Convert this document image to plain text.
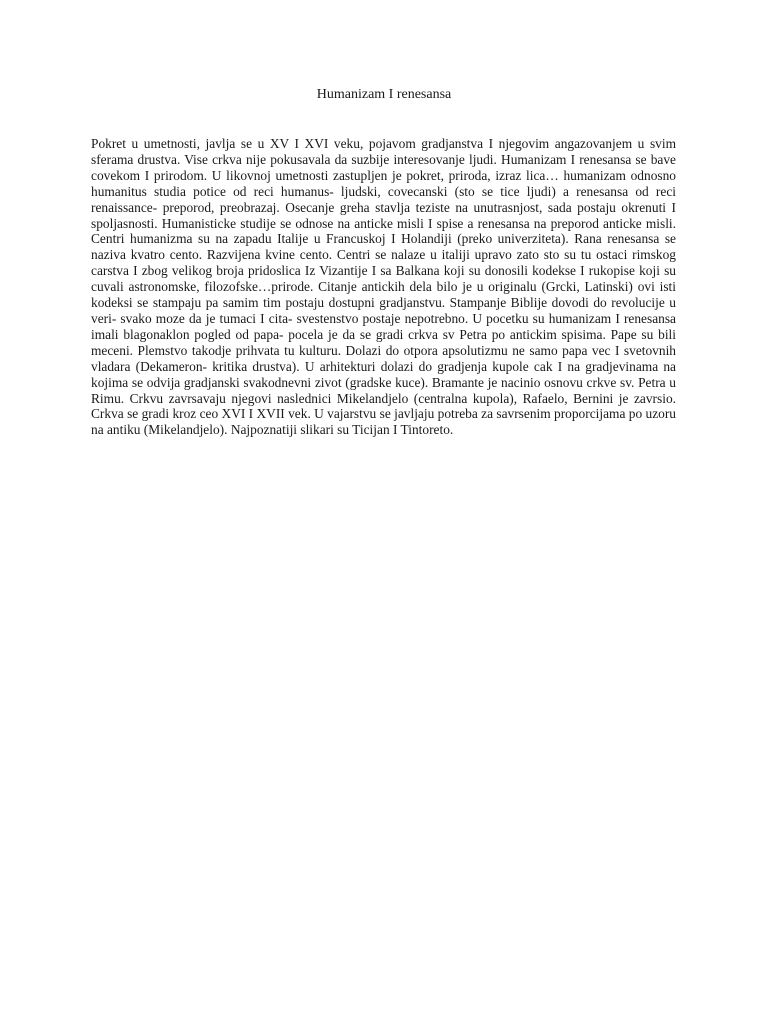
Humanizam I renesansa

Pokret u umetnosti, javlja se u XV I XVI veku, pojavom gradjanstva I njegovim angazovanjem u svim sferama drustva. Vise crkva nije pokusavala da suzbije interesovanje ljudi. Humanizam I renesansa se bave covekom I prirodom. U likovnoj umetnosti zastupljen je pokret, priroda, izraz lica… humanizam odnosno humanitus studia potice od reci humanus- ljudski, covecanski (sto se tice ljudi) a renesansa od reci renaissance- preporod, preobrazaj. Osecanje greha stavlja teziste na unutrasnjost, sada postaju okrenuti I spoljasnosti. Humanisticke studije se odnose na anticke misli I spise a renesansa na preporod anticke misli. Centri humanizma su na zapadu Italije u Francuskoj I Holandiji (preko univerziteta). Rana renesansa se naziva kvatro cento. Razvijena kvine cento. Centri se nalaze u italiji upravo zato sto su tu ostaci rimskog carstva I zbog velikog broja pridoslica Iz Vizantije I sa Balkana koji su donosili kodekse I rukopise koji su cuvali astronomske, filozofske…prirode. Citanje antickih dela bilo je u originalu (Grcki, Latinski) ovi isti kodeksi se stampaju pa samim tim postaju dostupni gradjanstvu. Stampanje Biblije dovodi do revolucije u veri- svako moze da je tumaci I cita- svestenstvo postaje nepotrebno. U pocetku su humanizam I renesansa imali blagonaklon pogled od papa- pocela je da se gradi crkva sv Petra po antickim spisima. Pape su bili meceni. Plemstvo takodje prihvata tu kulturu. Dolazi do otpora apsolutizmu ne samo papa vec I svetovnih vladara (Dekameron- kritika drustva). U arhitekturi dolazi do gradjenja kupole cak I na gradjevinama na kojima se odvija gradjanski svakodnevni zivot (gradske kuce). Bramante je nacinio osnovu crkve sv. Petra u Rimu. Crkvu zavrsavaju njegovi naslednici Mikelandjelo (centralna kupola), Rafaelo, Bernini je zavrsio. Crkva se gradi kroz ceo XVI I XVII vek. U vajarstvu se javljaju potreba za savrsenim proporcijama po uzoru na antiku (Mikelandjelo). Najpoznatiji slikari su Ticijan I Tintoreto.
